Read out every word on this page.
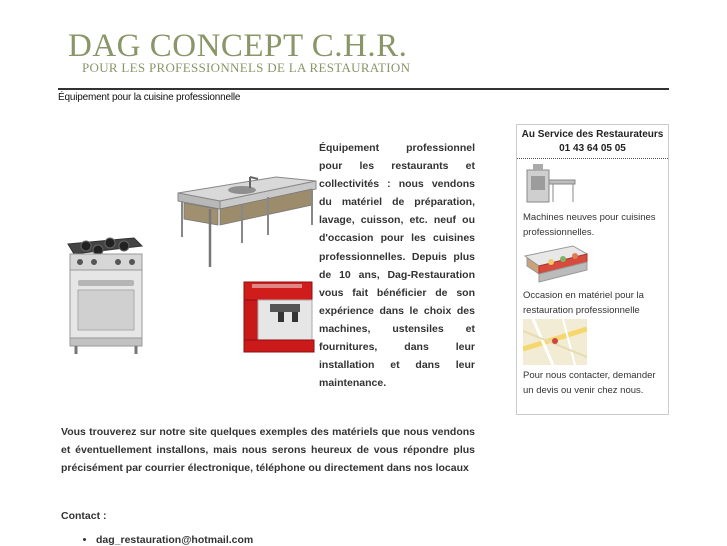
DAG CONCEPT C.H.R.
POUR LES PROFESSIONNELS DE LA RESTAURATION
Équipement pour la cuisine professionnelle
Équipement professionnel pour les restaurants et collectivités : nous vendons du matériel de préparation, lavage, cuisson, etc. neuf ou d'occasion pour les cuisines professionnelles. Depuis plus de 10 ans, Dag-Restauration vous fait bénéficier de son expérience dans le choix des machines, ustensiles et fournitures, dans leur installation et dans leur maintenance.
Vous trouverez sur notre site quelques exemples des matériels que nous vendons et éventuellement installons, mais nous serons heureux de vous répondre plus précisément par courrier électronique, téléphone ou directement dans nos locaux
Contact :
• dag_restauration@hotmail.com
Au Service des Restaurateurs
01 43 64 05 05
Machines neuves pour cuisines professionnelles.
Occasion en matériel pour la restauration professionnelle
Pour nous contacter, demander un devis ou venir chez nous.
